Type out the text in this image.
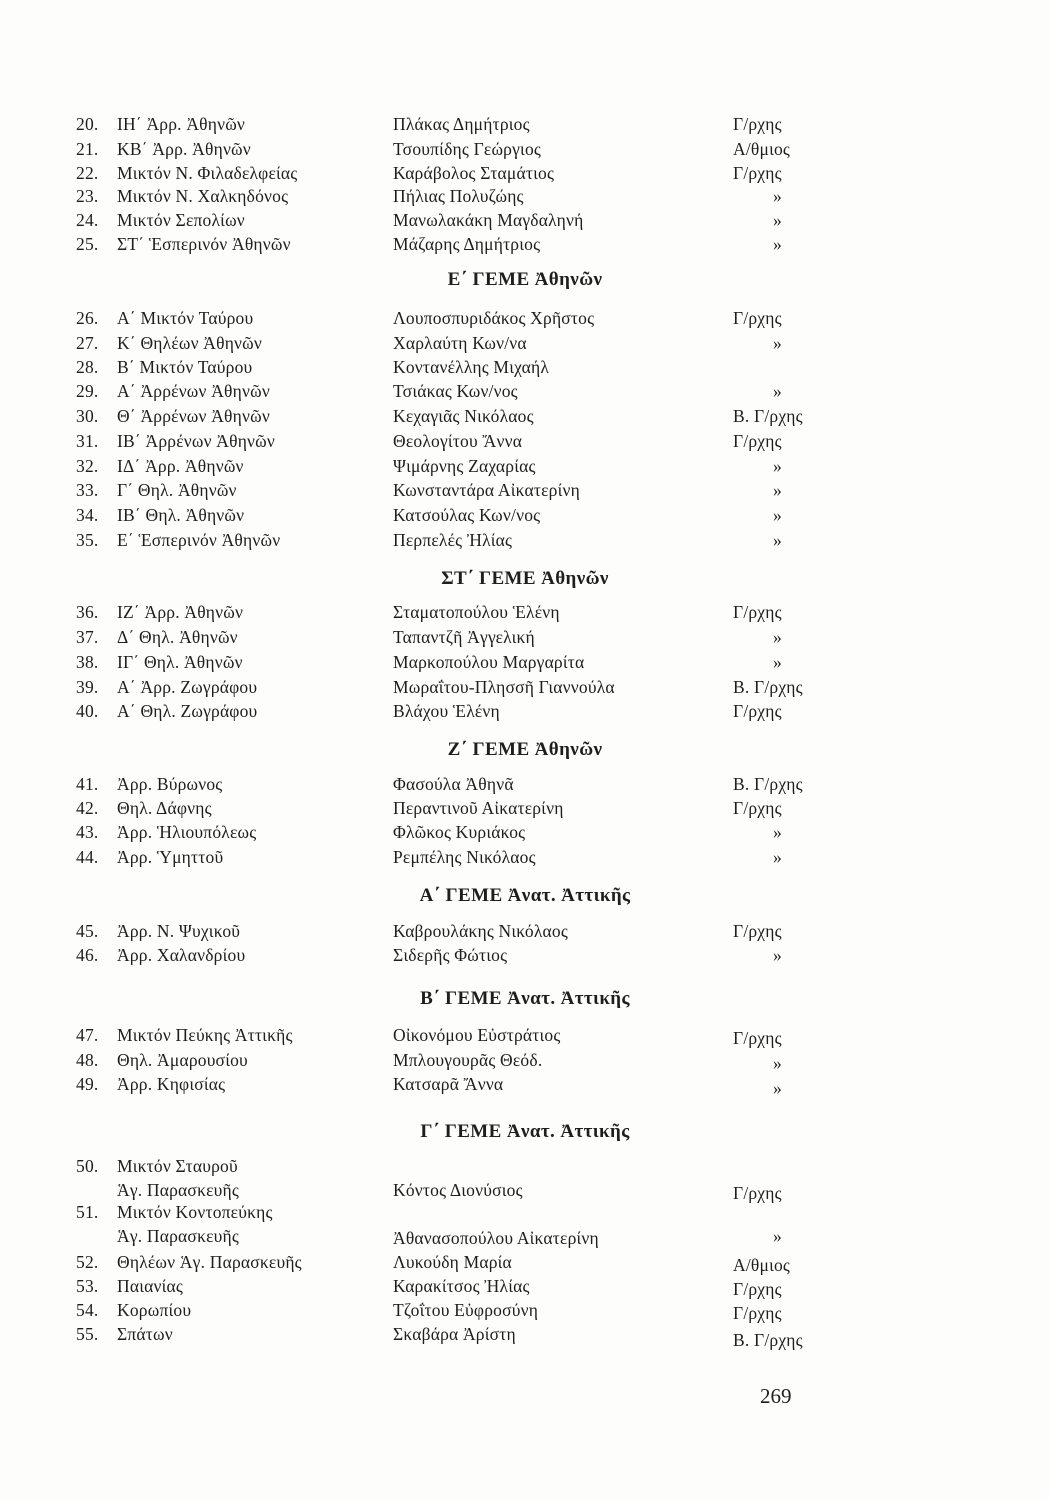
20. ΙΗ΄ Ἀρρ. Ἀθηνῶν	Πλάκας Δημήτριος	Γ/ρχης
21. ΚΒ΄ Ἀρρ. Ἀθηνῶν	Τσουπίδης Γεώργιος	Α/θμιος
22. Μικτόν Ν. Φιλαδελφείας	Καράβολος Σταμάτιος	Γ/ρχης
23. Μικτόν Ν. Χαλκηδόνος	Πήλιας Πολυζώης	»
24. Μικτόν Σεπολίων	Μανωλακάκη Μαγδαληνή	»
25. ΣΤ΄ Ἑσπερινόν Ἀθηνῶν	Μάζαρης Δημήτριος	»
Ε΄ ΓΕΜΕ Ἀθηνῶν
26. Α΄ Μικτόν Ταύρου	Λουποσπυριδάκος Χρῆστος	Γ/ρχης
27. Κ΄ Θηλέων Ἀθηνῶν	Χαρλαύτη Κων/να	»
28. Β΄ Μικτόν Ταύρου	Κοντανέλλης Μιχαήλ
29. Α΄ Ἀρρένων Ἀθηνῶν	Τσιάκας Κων/νος	»
30. Θ΄ Ἀρρένων Ἀθηνῶν	Κεχαγιᾶς Νικόλαος	Β. Γ/ρχης
31. ΙΒ΄ Ἀρρένων Ἀθηνῶν	Θεολογίτου Ἄννα	Γ/ρχης
32. ΙΔ΄ Ἀρρ. Ἀθηνῶν	Ψιμάρνης Ζαχαρίας	»
33. Γ΄ Θηλ. Ἀθηνῶν	Κωνσταντάρα Αἰκατερίνη	»
34. ΙΒ΄ Θηλ. Ἀθηνῶν	Κατσούλας Κων/νος	»
35. Ε΄ Ἑσπερινόν Ἀθηνῶν	Περπελές Ἠλίας	»
ΣΤ΄ ΓΕΜΕ Ἀθηνῶν
36. ΙΖ΄ Ἀρρ. Ἀθηνῶν	Σταματοπούλου Ἑλένη	Γ/ρχης
37. Δ΄ Θηλ. Ἀθηνῶν	Ταπαντζῆ Ἀγγελική	»
38. ΙΓ΄ Θηλ. Ἀθηνῶν	Μαρκοπούλου Μαργαρίτα	»
39. Α΄ Ἀρρ. Ζωγράφου	Μωραΐτου-Πλησσῆ Γιαννούλα	Β. Γ/ρχης
40. Α΄ Θηλ. Ζωγράφου	Βλάχου Ἑλένη	Γ/ρχης
Ζ΄ ΓΕΜΕ Ἀθηνῶν
41. Ἀρρ. Βύρωνος	Φασούλα Ἀθηνᾶ	Β. Γ/ρχης
42. Θηλ. Δάφνης	Περαντινοῦ Αἰκατερίνη	Γ/ρχης
43. Ἀρρ. Ἡλιουπόλεως	Φλῶκος Κυριάκος	»
44. Ἀρρ. Ὑμηττοῦ	Ρεμπέλης Νικόλαος	»
Α΄ ΓΕΜΕ Ἀνατ. Ἀττικῆς
45. Ἀρρ. Ν. Ψυχικοῦ	Καβρουλάκης Νικόλαος	Γ/ρχης
46. Ἀρρ. Χαλανδρίου	Σιδερῆς Φώτιος	»
Β΄ ΓΕΜΕ Ἀνατ. Ἀττικῆς
47. Μικτόν Πεύκης Ἀττικῆς	Οἰκονόμου Εὐστράτιος	Γ/ρχης
48. Θηλ. Ἀμαρουσίου	Μπλουγουρᾶς Θεόδ.	»
49. Ἀρρ. Κηφισίας	Κατσαρᾶ Ἄννα	»
Γ΄ ΓΕΜΕ Ἀνατ. Ἀττικῆς
50. Μικτόν Σταυροῦ
Ἁγ. Παρασκευῆς	Κόντος Διονύσιος	Γ/ρχης
51. Μικτόν Κοντοπεύκης
Ἁγ. Παρασκευῆς	Ἀθανασοπούλου Αἰκατερίνη	»
52. Θηλέων Ἁγ. Παρασκευῆς	Λυκούδη Μαρία	Α/θμιος
53. Παιανίας	Καρακίτσος Ἠλίας	Γ/ρχης
54. Κορωπίου	Τζοΐτου Εὐφροσύνη	Γ/ρχης
55. Σπάτων	Σκαβάρα Ἀρίστη	Β. Γ/ρχης
269
